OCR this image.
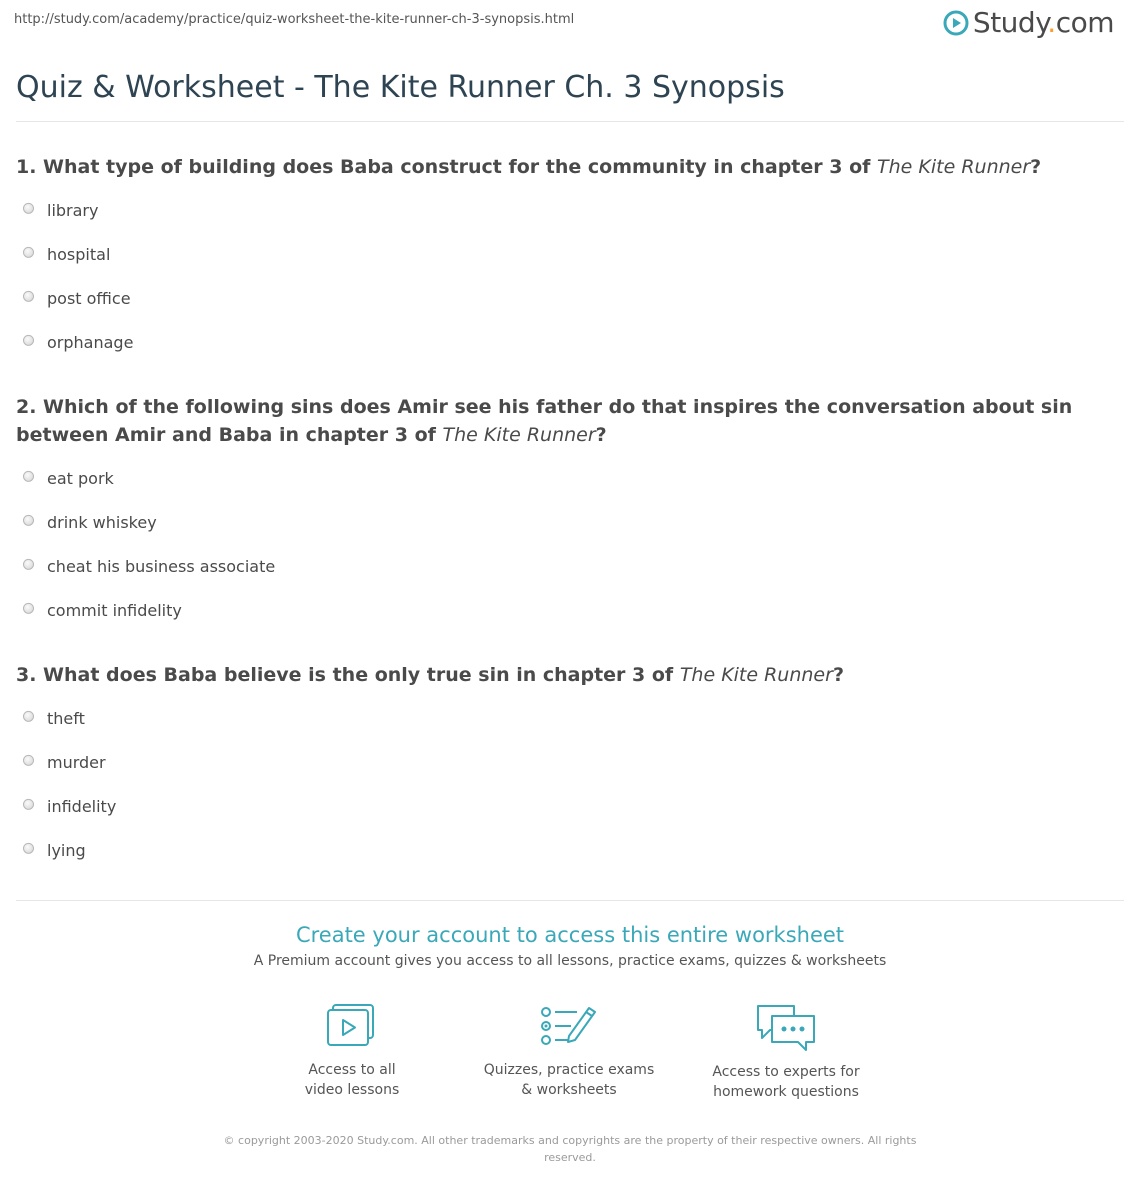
http://study.com/academy/practice/quiz-worksheet-the-kite-runner-ch-3-synopsis.html	Study.com
Quiz & Worksheet - The Kite Runner Ch. 3 Synopsis

1. What type of building does Baba construct for the community in chapter 3 of The Kite Runner?

library
hospital
post office
orphanage

2. Which of the following sins does Amir see his father do that inspires the conversation about sin between Amir and Baba in chapter 3 of The Kite Runner?

eat pork
drink whiskey
cheat his business associate
commit infidelity

3. What does Baba believe is the only true sin in chapter 3 of The Kite Runner?

theft
murder
infidelity
lying
Create your account to access this entire worksheet
A Premium account gives you access to all lessons, practice exams, quizzes & worksheets
Access to all
video lessons
Quizzes, practice exams
& worksheets
Access to experts for
homework questions
© copyright 2003-2020 Study.com. All other trademarks and copyrights are the property of their respective owners. All rights reserved.
